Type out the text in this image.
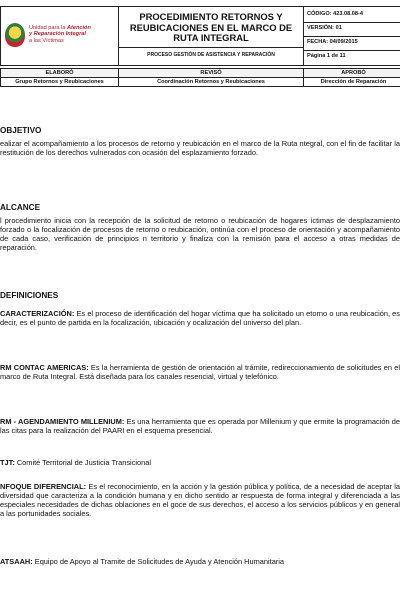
Unidad para la Atención
y Reparación Integral
a las Víctimas

PROCEDIMIENTO RETORNOS Y REUBICACIONES EN EL MARCO DE RUTA INTEGRAL
PROCESO GESTIÓN DE ASISTENCIA Y REPARACIÓN

CÓDIGO: 423.08.08-4
VERSIÓN: 01
FECHA: 04/09/2015
Página 1 de 11
ELABORÓ	REVISÓ	APROBÓ
Grupo Retornos y Reubicaciones	Coordinación Retornos y Reubicaciones	Dirección de Reparación
OBJETIVO

ealizar el acompañamiento a los procesos de retorno y reubicación en el marco de la Ruta ntegral, con el fin de facilitar la restitución de los derechos vulnerados con ocasión del esplazamiento forzado.

ALCANCE

l procedimiento inicia con la recepción de la solicitud de retorno o reubicación de hogares íctimas de desplazamiento forzado o la focalización de procesos de retorno o reubicación, ontinúa con el proceso de orientación y acompañamiento de cada caso, verificación de principios n territorio y finaliza con la remisión para el acceso a otras medidas de reparación.

DEFINICIONES
CARACTERIZACIÓN: Es el proceso de identificación del hogar víctima que ha solicitado un etorno o una reubicación, es decir, es el punto de partida en la focalización, ubicación y ocalización del universo del plan.
RM CONTAC AMERICAS: Es la herramienta de gestión de orientación al trámite, redireccionamiento de solicitudes en el marco de Ruta Integral. Está diseñada para los canales resencial, virtual y telefónico.
RM - AGENDAMIENTO MILLENIUM: Es una herramienta que es operada por Millenium y que ermite la programación de las citas para la realización del PAARI en el esquema presencial.
TJT: Comité Territorial de Justicia Transicional
NFOQUE DIFERENCIAL: Es el reconocimiento, en la acción y la gestión pública y política, de a necesidad de aceptar la diversidad que caracteriza a la condición humana y en dicho sentido ar respuesta de forma integral y diferenciada a las especiales necesidades de dichas oblaciones en el goce de sus derechos, el acceso a los servicios públicos y en general a las portunidades sociales.
ATSAAH: Equipo de Apoyo al Tramite de Solicitudes de Ayuda y Atención Humanitaria
